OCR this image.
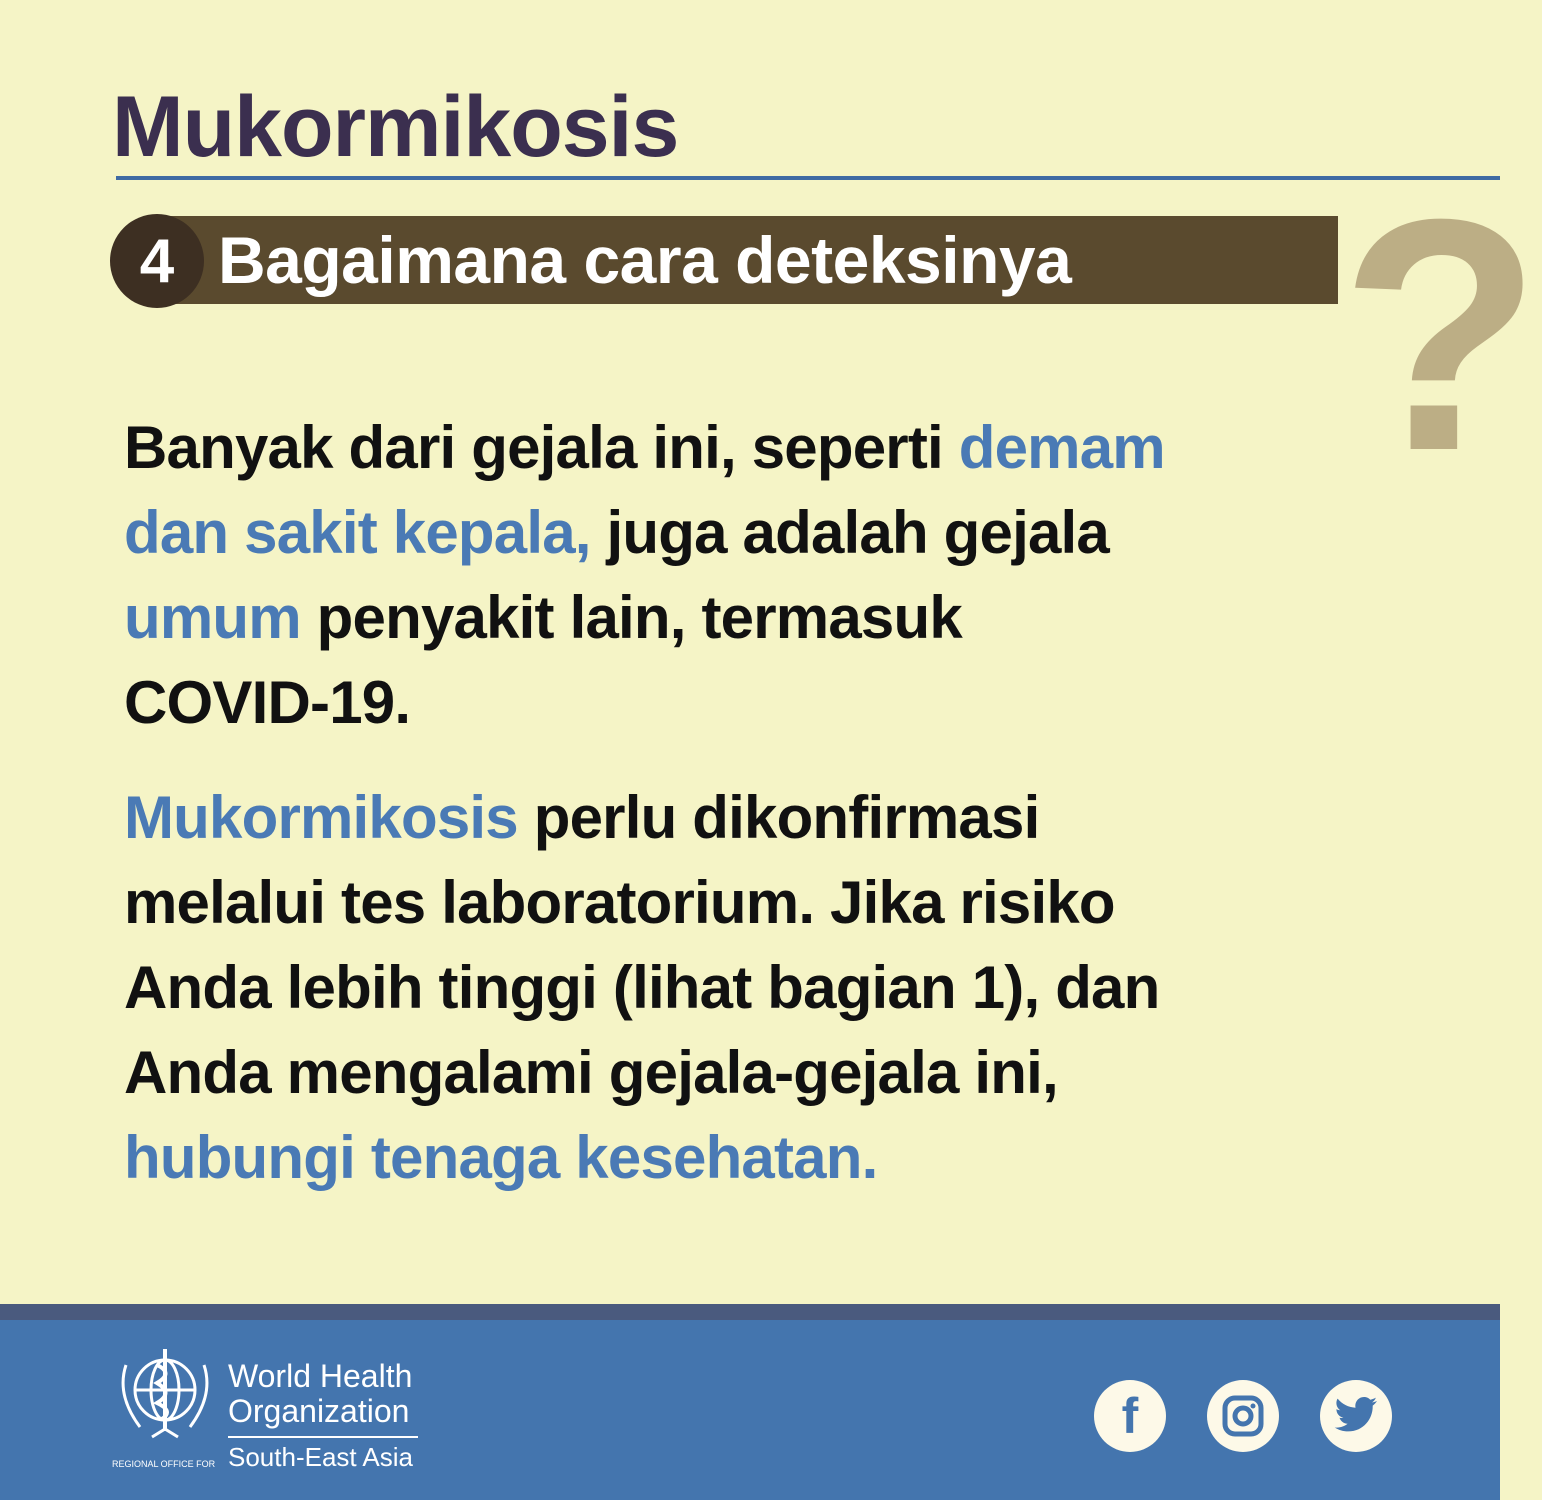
Mukormikosis
?
4 Bagaimana cara deteksinya
Banyak dari gejala ini, seperti demam
dan sakit kepala, juga adalah gejala
umum penyakit lain, termasuk
COVID-19.
Mukormikosis perlu dikonfirmasi
melalui tes laboratorium. Jika risiko
Anda lebih tinggi (lihat bagian 1), dan
Anda mengalami gejala-gejala ini,
hubungi tenaga kesehatan.
World Health
Organization
REGIONAL OFFICE FOR South-East Asia
f
